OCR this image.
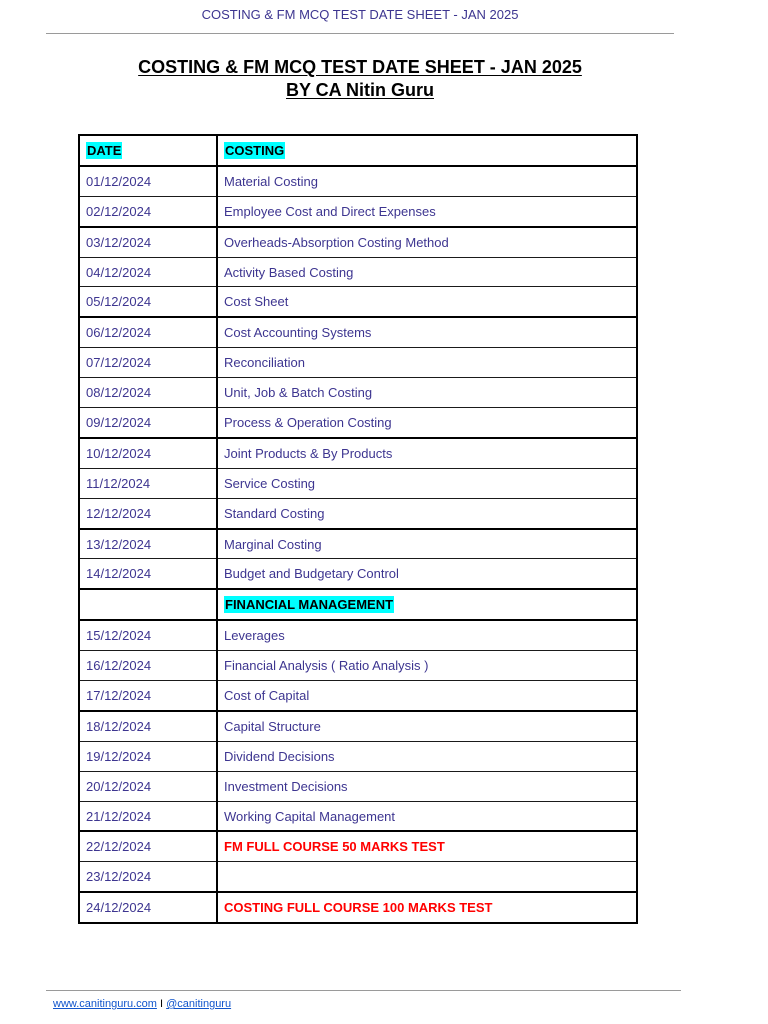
COSTING & FM MCQ TEST DATE SHEET - JAN 2025
COSTING & FM MCQ TEST DATE SHEET - JAN 2025
BY CA Nitin Guru
DATE	COSTING
01/12/2024	Material Costing
02/12/2024	Employee Cost and Direct Expenses
03/12/2024	Overheads-Absorption Costing Method
04/12/2024	Activity Based Costing
05/12/2024	Cost Sheet
06/12/2024	Cost Accounting Systems
07/12/2024	Reconciliation
08/12/2024	Unit, Job & Batch Costing
09/12/2024	Process & Operation Costing
10/12/2024	Joint Products & By Products
11/12/2024	Service Costing
12/12/2024	Standard Costing
13/12/2024	Marginal Costing
14/12/2024	Budget and Budgetary Control
	FINANCIAL MANAGEMENT
15/12/2024	Leverages
16/12/2024	Financial Analysis ( Ratio Analysis )
17/12/2024	Cost of Capital
18/12/2024	Capital Structure
19/12/2024	Dividend Decisions
20/12/2024	Investment Decisions
21/12/2024	Working Capital Management
22/12/2024	FM FULL COURSE 50 MARKS TEST
23/12/2024	
24/12/2024	COSTING FULL COURSE 100 MARKS TEST
www.canitinguru.com I @canitinguru
